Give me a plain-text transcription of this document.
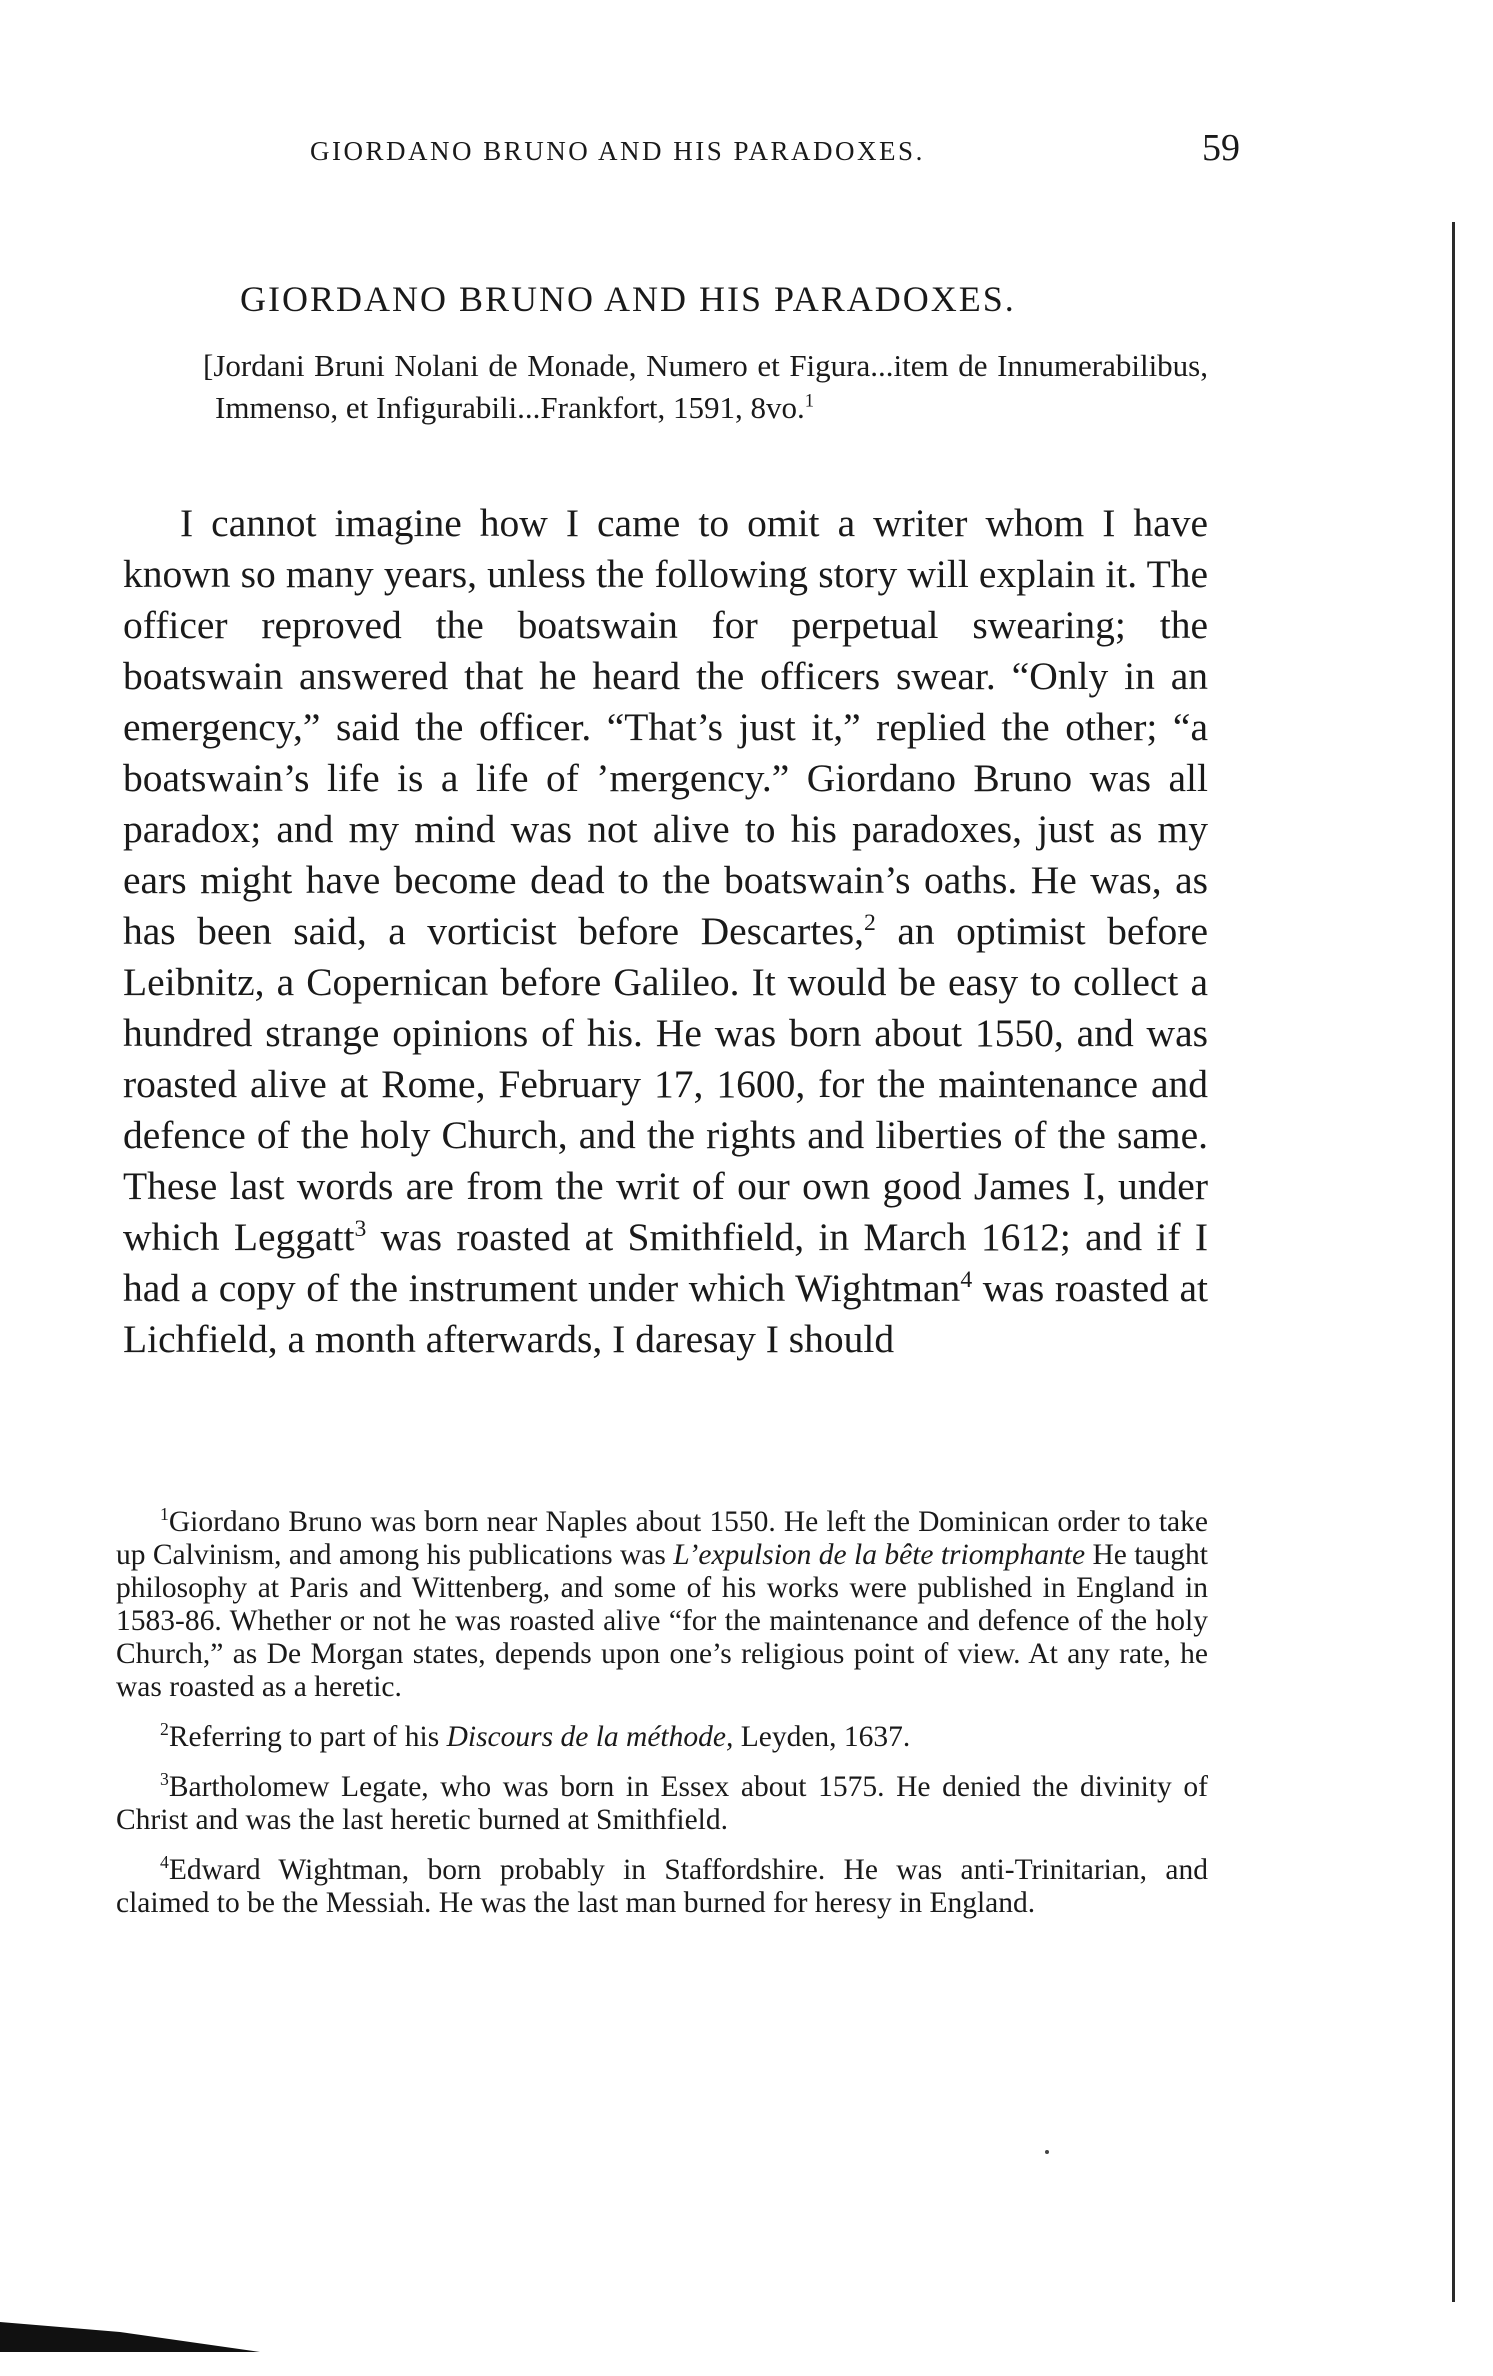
GIORDANO BRUNO AND HIS PARADOXES.	59
GIORDANO BRUNO AND HIS PARADOXES.
[Jordani Bruni Nolani de Monade, Numero et Figura...item de Innumerabilibus, Immenso, et Infigurabili...Frankfort, 1591, 8vo.$^1$

I cannot imagine how I came to omit a writer whom I have known so many years, unless the following story will explain it. The officer reproved the boatswain for perpetual swearing; the boatswain answered that he heard the officers swear. “Only in an emergency,” said the officer. “That’s just it,” replied the other; “a boatswain’s life is a life of ’mergency.” Giordano Bruno was all paradox; and my mind was not alive to his paradoxes, just as my ears might have become dead to the boatswain’s oaths. He was, as has been said, a vorticist before Descartes,$^2$ an optimist before Leibnitz, a Copernican before Galileo. It would be easy to collect a hundred strange opinions of his. He was born about 1550, and was roasted alive at Rome, February 17, 1600, for the maintenance and defence of the holy Church, and the rights and liberties of the same. These last words are from the writ of our own good James I, under which Leggatt$^3$ was roasted at Smithfield, in March 1612; and if I had a copy of the instrument under which Wightman$^4$ was roasted at Lichfield, a month afterwards, I daresay I should

$^1$Giordano Bruno was born near Naples about 1550. He left the Dominican order to take up Calvinism, and among his publications was L’expulsion de la bête triomphante He taught philosophy at Paris and Wittenberg, and some of his works were published in England in 1583-86. Whether or not he was roasted alive “for the maintenance and defence of the holy Church,” as De Morgan states, depends upon one’s religious point of view. At any rate, he was roasted as a heretic.

$^2$Referring to part of his Discours de la méthode, Leyden, 1637.

$^3$Bartholomew Legate, who was born in Essex about 1575. He denied the divinity of Christ and was the last heretic burned at Smithfield.

$^4$Edward Wightman, born probably in Staffordshire. He was anti-Trinitarian, and claimed to be the Messiah. He was the last man burned for heresy in England.
